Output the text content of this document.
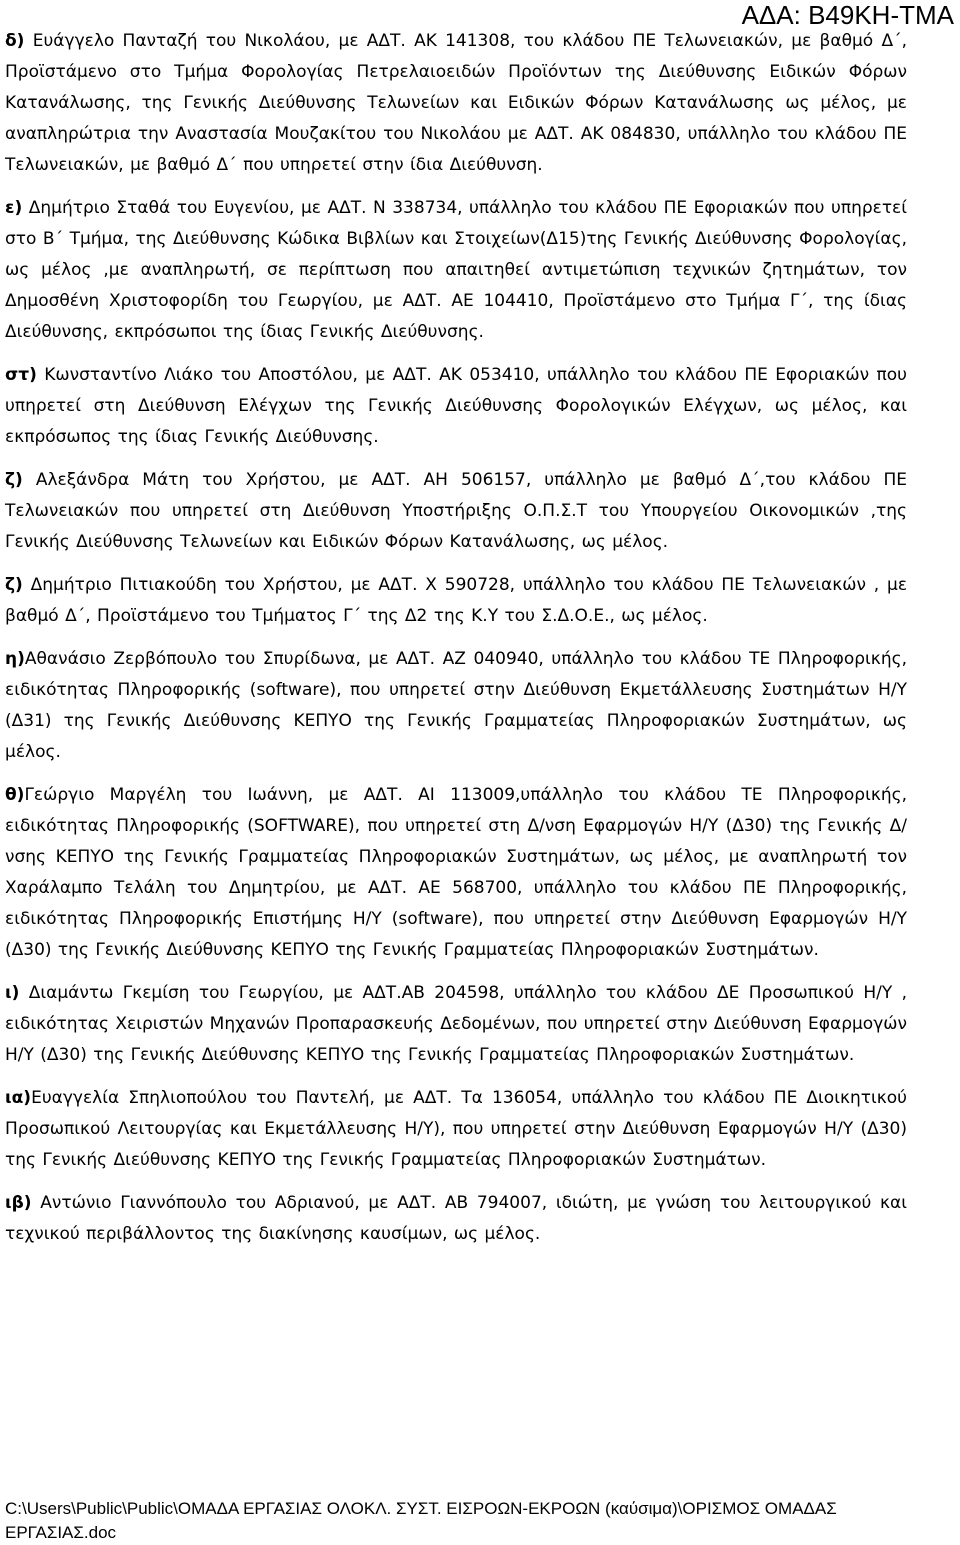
ΑΔΑ: Β49ΚΗ-ΤΜΑ

δ) Ευάγγελο Πανταζή του Νικολάου, με ΑΔΤ. ΑΚ 141308, του κλάδου ΠΕ Τελωνειακών, με βαθμό Δ΄, Προϊστάμενο στο Τμήμα Φορολογίας Πετρελαιοειδών Προϊόντων της Διεύθυνσης Ειδικών Φόρων Κατανάλωσης, της Γενικής Διεύθυνσης Τελωνείων και Ειδικών Φόρων Κατανάλωσης ως μέλος, με αναπληρώτρια την Αναστασία Μουζακίτου του Νικολάου με ΑΔΤ. ΑΚ 084830, υπάλληλο του κλάδου ΠΕ Τελωνειακών, με βαθμό Δ΄ που υπηρετεί στην ίδια Διεύθυνση.

ε) Δημήτριο Σταθά του Ευγενίου, με ΑΔΤ. Ν 338734, υπάλληλο του κλάδου ΠΕ Εφοριακών που υπηρετεί στο Β΄ Τμήμα, της Διεύθυνσης Κώδικα Βιβλίων και Στοιχείων(Δ15)της Γενικής Διεύθυνσης Φορολογίας, ως μέλος ,με αναπληρωτή, σε περίπτωση που απαιτηθεί αντιμετώπιση τεχνικών ζητημάτων, τον Δημοσθένη Χριστοφορίδη του Γεωργίου, με ΑΔΤ. ΑΕ 104410, Προϊστάμενο στο Τμήμα Γ΄, της ίδιας Διεύθυνσης, εκπρόσωποι της ίδιας Γενικής Διεύθυνσης.

στ) Κωνσταντίνο Λιάκο του Αποστόλου, με ΑΔΤ. ΑΚ 053410, υπάλληλο του κλάδου ΠΕ Εφοριακών που υπηρετεί στη Διεύθυνση Ελέγχων της Γενικής Διεύθυνσης Φορολογικών Ελέγχων, ως μέλος, και εκπρόσωπος της ίδιας Γενικής Διεύθυνσης.

ζ) Αλεξάνδρα Μάτη του Χρήστου, με ΑΔΤ. ΑΗ 506157, υπάλληλο με βαθμό Δ΄,του κλάδου ΠΕ Τελωνειακών που υπηρετεί στη Διεύθυνση Υποστήριξης Ο.Π.Σ.Τ του Υπουργείου Οικονομικών ,της Γενικής Διεύθυνσης Τελωνείων και Ειδικών Φόρων Κατανάλωσης, ως μέλος.

ζ) Δημήτριο Πιτιακούδη του Χρήστου, με ΑΔΤ. Χ 590728, υπάλληλο του κλάδου ΠΕ Τελωνειακών , με βαθμό Δ΄, Προϊστάμενο του Τμήματος Γ΄ της Δ2 της Κ.Υ του Σ.Δ.Ο.Ε., ως μέλος.

η)Αθανάσιο Ζερβόπουλο του Σπυρίδωνα, με ΑΔΤ. ΑΖ 040940, υπάλληλο του κλάδου ΤΕ Πληροφορικής, ειδικότητας Πληροφορικής (software), που υπηρετεί στην Διεύθυνση Εκμετάλλευσης Συστημάτων Η/Υ (Δ31) της Γενικής Διεύθυνσης ΚΕΠΥΟ της Γενικής Γραμματείας Πληροφοριακών Συστημάτων, ως μέλος.

θ)Γεώργιο Μαργέλη του Ιωάννη, με ΑΔΤ. ΑΙ 113009,υπάλληλο του κλάδου ΤΕ Πληροφορικής, ειδικότητας Πληροφορικής (SOFTWARE), που υπηρετεί στη Δ/νση Εφαρμογών Η/Υ (Δ30) της Γενικής Δ/νσης ΚΕΠΥΟ της Γενικής Γραμματείας Πληροφοριακών Συστημάτων, ως μέλος, με αναπληρωτή τον Χαράλαμπο Τελάλη του Δημητρίου, με ΑΔΤ. ΑΕ 568700, υπάλληλο του κλάδου ΠΕ Πληροφορικής, ειδικότητας Πληροφορικής Επιστήμης Η/Υ (software), που υπηρετεί στην Διεύθυνση Εφαρμογών Η/Υ (Δ30) της Γενικής Διεύθυνσης ΚΕΠΥΟ της Γενικής Γραμματείας Πληροφοριακών Συστημάτων.

ι) Διαμάντω Γκεμίση του Γεωργίου, με ΑΔΤ.ΑΒ 204598, υπάλληλο του κλάδου ΔΕ Προσωπικού Η/Υ , ειδικότητας Χειριστών Μηχανών Προπαρασκευής Δεδομένων, που υπηρετεί στην Διεύθυνση Εφαρμογών Η/Υ (Δ30) της Γενικής Διεύθυνσης ΚΕΠΥΟ της Γενικής Γραμματείας Πληροφοριακών Συστημάτων.

ια)Ευαγγελία Σπηλιοπούλου του Παντελή, με ΑΔΤ. Τα 136054, υπάλληλο του κλάδου ΠΕ Διοικητικού Προσωπικού Λειτουργίας και Εκμετάλλευσης Η/Υ), που υπηρετεί στην Διεύθυνση Εφαρμογών Η/Υ (Δ30) της Γενικής Διεύθυνσης ΚΕΠΥΟ της Γενικής Γραμματείας Πληροφοριακών Συστημάτων.

ιβ) Αντώνιο Γιαννόπουλο του Αδριανού, με ΑΔΤ. ΑΒ 794007, ιδιώτη, με γνώση του λειτουργικού και τεχνικού περιβάλλοντος της διακίνησης καυσίμων, ως μέλος.

C:\Users\Public\Public\ΟΜΑΔΑ ΕΡΓΑΣΙΑΣ ΟΛΟΚΛ. ΣΥΣΤ. ΕΙΣΡΟΩΝ-ΕΚΡΟΩΝ (καύσιμα)\ΟΡΙΣΜΟΣ ΟΜΑΔΑΣ ΕΡΓΑΣΙΑΣ.doc
